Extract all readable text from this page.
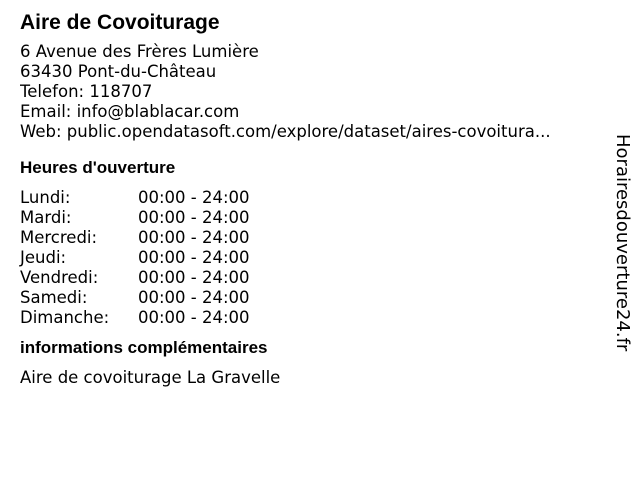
Aire de Covoiturage
6 Avenue des Frères Lumière
63430 Pont-du-Château
Telefon: 118707
Email: info@blablacar.com
Web: public.opendatasoft.com/explore/dataset/aires-covoitura...
Heures d'ouverture
Lundi:	00:00 - 24:00
Mardi:	00:00 - 24:00
Mercredi:	00:00 - 24:00
Jeudi:	00:00 - 24:00
Vendredi:	00:00 - 24:00
Samedi:	00:00 - 24:00
Dimanche:	00:00 - 24:00
informations complémentaires
Aire de covoiturage La Gravelle
Horairesdouverture24.fr
